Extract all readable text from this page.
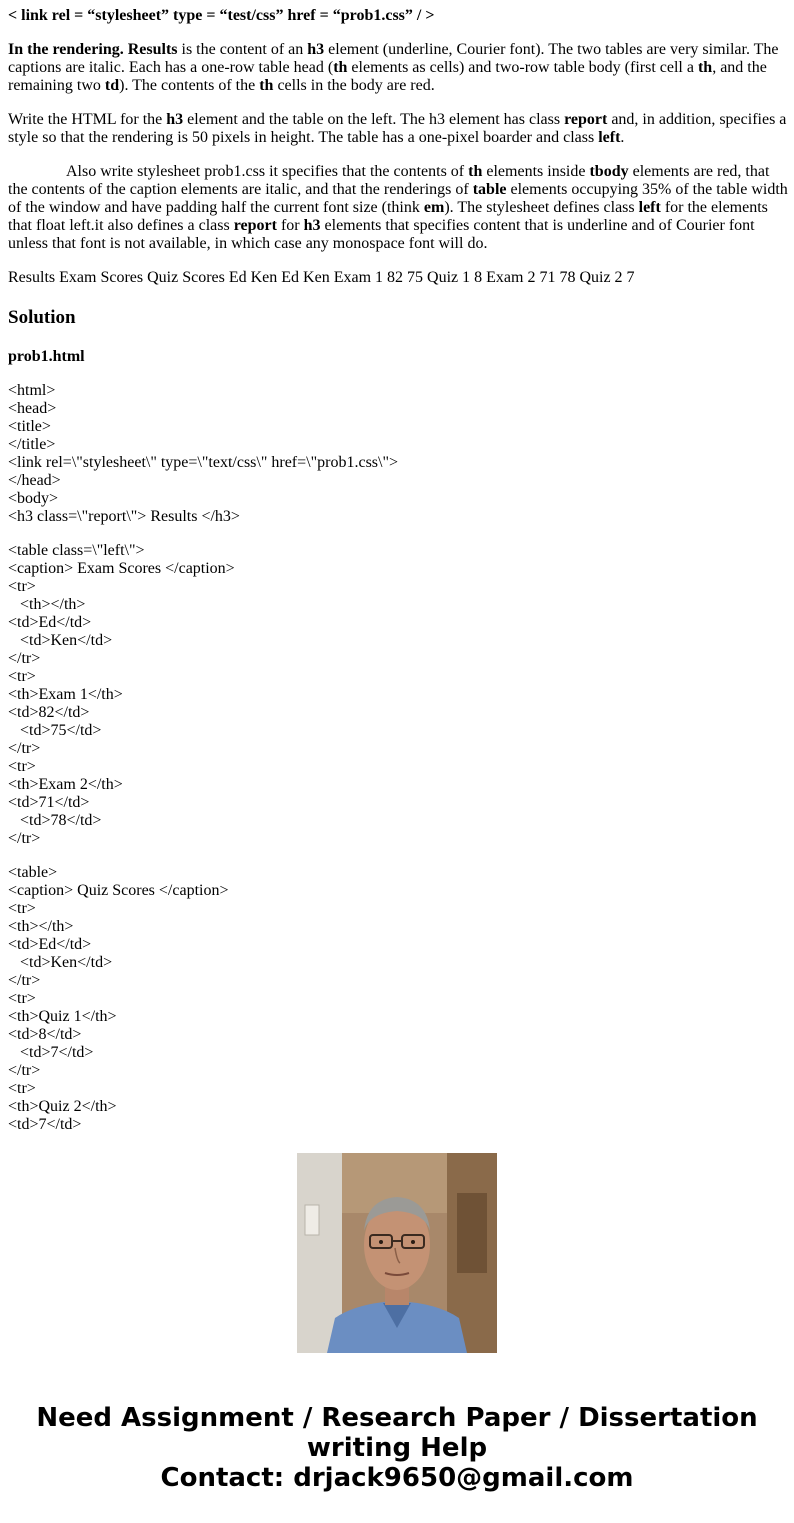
< link rel = “stylesheet” type = “test/css” href = “prob1.css” / >

In the rendering. Results is the content of an h3 element (underline, Courier font). The two tables are very similar. The captions are italic. Each has a one-row table head (th elements as cells) and two-row table body (first cell a th, and the remaining two td). The contents of the th cells in the body are red.

Write the HTML for the h3 element and the table on the left. The h3 element has class report and, in addition, specifies a style so that the rendering is 50 pixels in height. The table has a one-pixel boarder and class left.

Also write stylesheet prob1.css it specifies that the contents of th elements inside tbody elements are red, that the contents of the caption elements are italic, and that the renderings of table elements occupying 35% of the table width of the window and have padding half the current font size (think em). The stylesheet defines class left for the elements that float left.it also defines a class report for h3 elements that specifies content that is underline and of Courier font unless that font is not available, in which case any monospace font will do.

Results Exam Scores Quiz Scores Ed Ken Ed Ken Exam 1 82 75 Quiz 1 8 Exam 2 71 78 Quiz 2 7

Solution
prob1.html
<html>
<head>
<title>
</title>
<link rel=\"stylesheet\" type=\"text/css\" href=\"prob1.css\">
</head>
<body>
<h3 class=\"report\"> Results </h3>
<table class=\"left\">
<caption> Exam Scores </caption>
<tr>
<th></th>
<td>Ed</td>
<td>Ken</td>
</tr>
<tr>
<th>Exam 1</th>
<td>82</td>
<td>75</td>
</tr>
<tr>
<th>Exam 2</th>
<td>71</td>
<td>78</td>
</tr>
<table>
<caption> Quiz Scores </caption>
<tr>
<th></th>
<td>Ed</td>
<td>Ken</td>
</tr>
<tr>
<th>Quiz 1</th>
<td>8</td>
<td>7</td>
</tr>
<tr>
<th>Quiz 2</th>
<td>7</td>
Need Assignment / Research Paper / Dissertation
writing Help
Contact: drjack9650@gmail.com
